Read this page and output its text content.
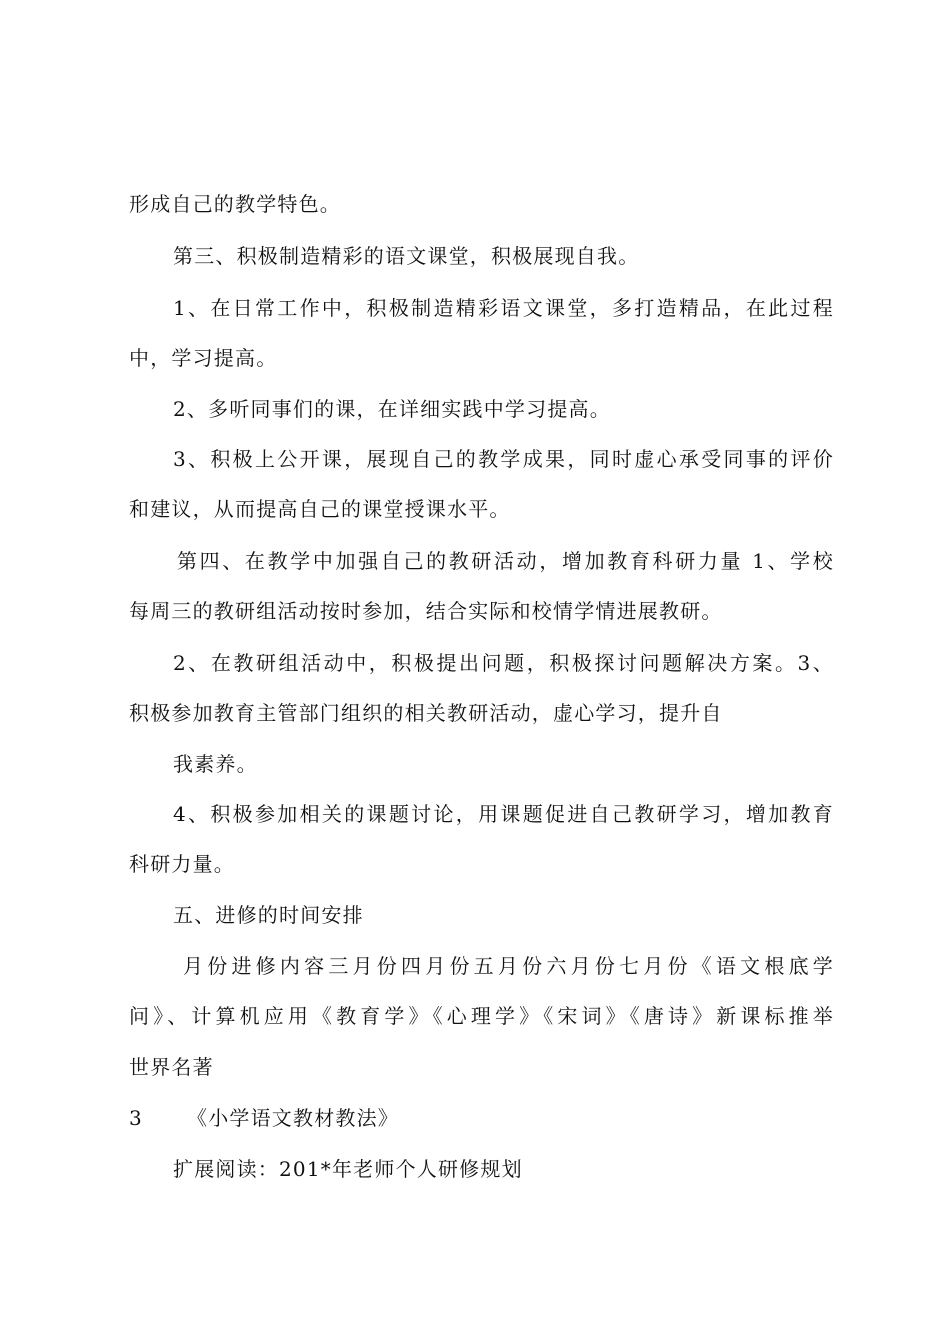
形成自己的教学特色。
第三、积极制造精彩的语文课堂，积极展现自我。
1、在日常工作中，积极制造精彩语文课堂，多打造精品，在此过程
中，学习提高。
2、多听同事们的课，在详细实践中学习提高。
3、积极上公开课，展现自己的教学成果，同时虚心承受同事的评价
和建议，从而提高自己的课堂授课水平。
第四、在教学中加强自己的教研活动，增加教育科研力量 1、学校
每周三的教研组活动按时参加，结合实际和校情学情进展教研。
2、在教研组活动中，积极提出问题，积极探讨问题解决方案。3、
积极参加教育主管部门组织的相关教研活动，虚心学习，提升自
我素养。
4、积极参加相关的课题讨论，用课题促进自己教研学习，增加教育
科研力量。
五、进修的时间安排
月份进修内容三月份四月份五月份六月份七月份《语文根底学
问》、计算机应用《教育学》《心理学》《宋词》《唐诗》新课标推举
世界名著
3 《小学语文教材教法》
扩展阅读：201*年老师个人研修规划
